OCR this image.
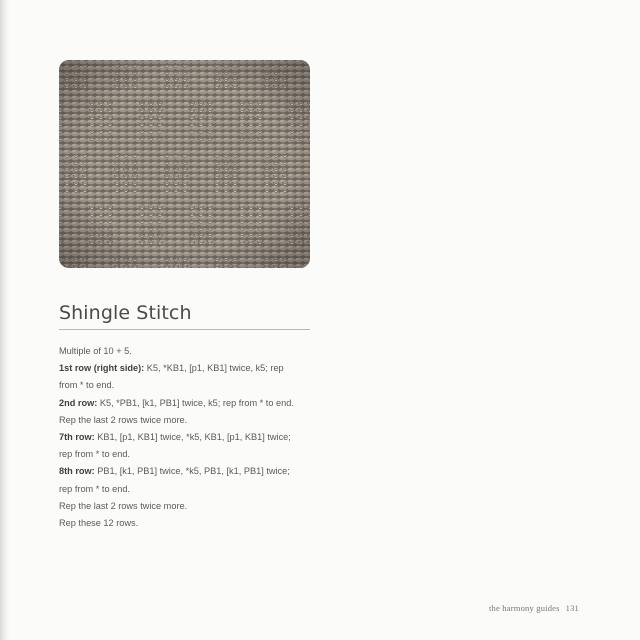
Shingle Stitch

Multiple of 10 + 5.

1st row (right side): K5, *KB1, [p1, KB1] twice, k5; rep

from * to end.

2nd row: K5, *PB1, [k1, PB1] twice, k5; rep from * to end.

Rep the last 2 rows twice more.

7th row: KB1, [p1, KB1] twice, *k5, KB1, [p1, KB1] twice;

rep from * to end.

8th row: PB1, [k1, PB1] twice, *k5, PB1, [k1, PB1] twice;

rep from * to end.

Rep the last 2 rows twice more.

Rep these 12 rows.

the harmony guides 131
